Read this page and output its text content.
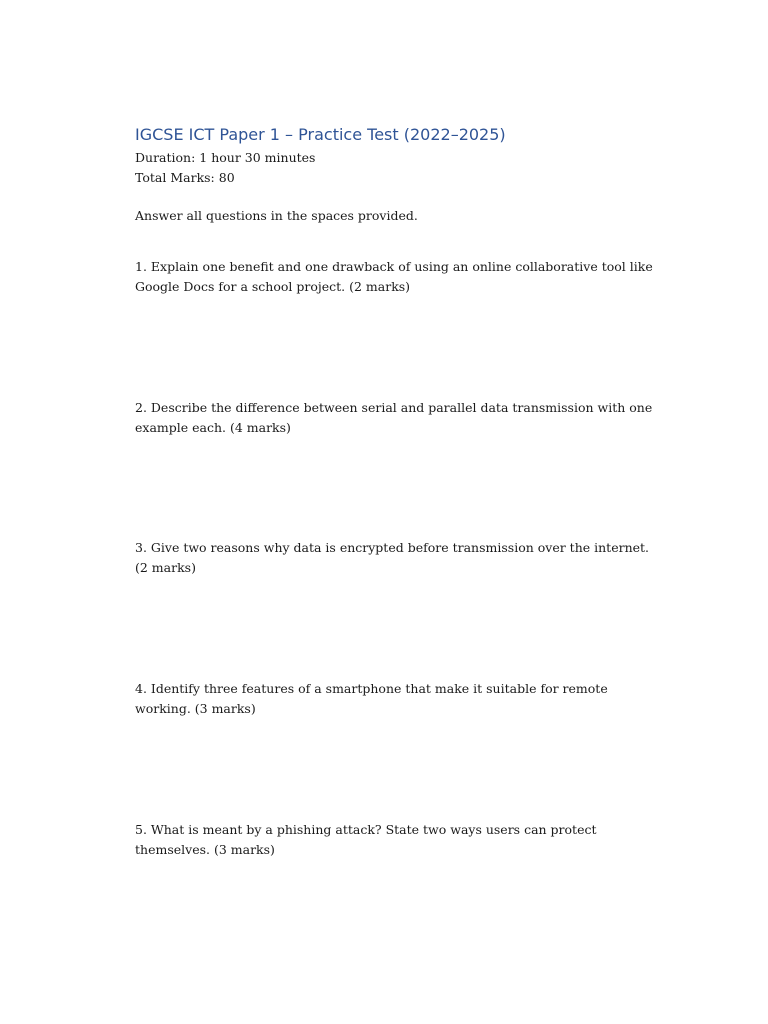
IGCSE ICT Paper 1 – Practice Test (2022–2025)
Duration: 1 hour 30 minutes
Total Marks: 80
Answer all questions in the spaces provided.
1. Explain one benefit and one drawback of using an online collaborative tool like Google Docs for a school project. (2 marks)
2. Describe the difference between serial and parallel data transmission with one example each. (4 marks)
3. Give two reasons why data is encrypted before transmission over the internet. (2 marks)
4. Identify three features of a smartphone that make it suitable for remote working. (3 marks)
5. What is meant by a phishing attack? State two ways users can protect themselves. (3 marks)
